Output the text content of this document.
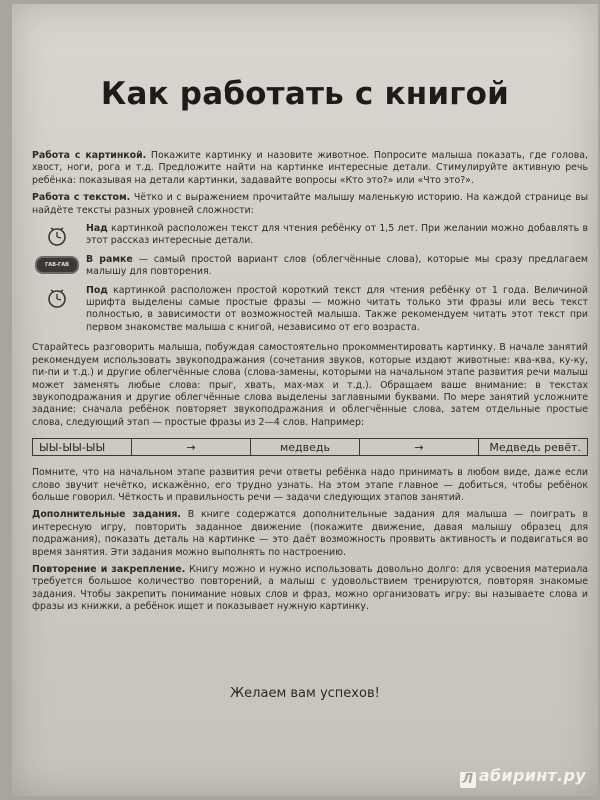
Как работать с книгой

Работа с картинкой. Покажите картинку и назовите животное. Попросите малыша показать, где голова, хвост, ноги, рога и т.д. Предложите найти на картинке интересные детали. Стимулируйте активную речь ребёнка: показывая на детали картинки, задавайте вопросы «Кто это?» или «Что это?».

Работа с текстом. Чётко и с выражением прочитайте малышу маленькую историю. На каждой странице вы найдёте тексты разных уровней сложности:

Над картинкой расположен текст для чтения ребёнку от 1,5 лет. При желании можно добавлять в этот рассказ интересные детали.
ГАВ-ГАВ	В рамке — самый простой вариант слов (облегчённые слова), которые мы сразу предлагаем малышу для повторения.
Под картинкой расположен простой короткий текст для чтения ребёнку от 1 года. Величиной шрифта выделены самые простые фразы — можно читать только эти фразы или весь текст полностью, в зависимости от возможностей малыша. Также рекомендуем читать этот текст при первом знакомстве малыша с книгой, независимо от его возраста.

Старайтесь разговорить малыша, побуждая самостоятельно прокомментировать картинку. В начале занятий рекомендуем использовать звукоподражания (сочетания звуков, которые издают животные: ква-ква, ку-ку, пи-пи и т.д.) и другие облегчённые слова (слова-замены, которыми на начальном этапе развития речи малыш может заменять любые слова: прыг, хвать, мах-мах и т.д.). Обращаем ваше внимание: в текстах звукоподражания и другие облегчённые слова выделены заглавными буквами. По мере занятий усложните задание: сначала ребёнок повторяет звукоподражания и облегчённые слова, затем отдельные простые слова, следующий этап — простые фразы из 2—4 слов. Например:

ЫЫ-ЫЫ-ЫЫ	→	медведь	→	Медведь ревёт.

Помните, что на начальном этапе развития речи ответы ребёнка надо принимать в любом виде, даже если слово звучит нечётко, искажённо, его трудно узнать. На этом этапе главное — добиться, чтобы ребёнок больше говорил. Чёткость и правильность речи — задачи следующих этапов занятий.

Дополнительные задания. В книге содержатся дополнительные задания для малыша — поиграть в интересную игру, повторить заданное движение (покажите движение, давая малышу образец для подражания), показать деталь на картинке — это даёт возможность проявить активность и подвигаться во время занятия. Эти задания можно выполнять по настроению.

Повторение и закрепление. Книгу можно и нужно использовать довольно долго: для усвоения материала требуется большое количество повторений, а малыш с удовольствием тренируются, повторяя знакомые задания. Чтобы закрепить понимание новых слов и фраз, можно организовать игру: вы называете слова и фразы из книжки, а ребёнок ищет и показывает нужную картинку.

Желаем вам успехов!
Л абиринт.ру
